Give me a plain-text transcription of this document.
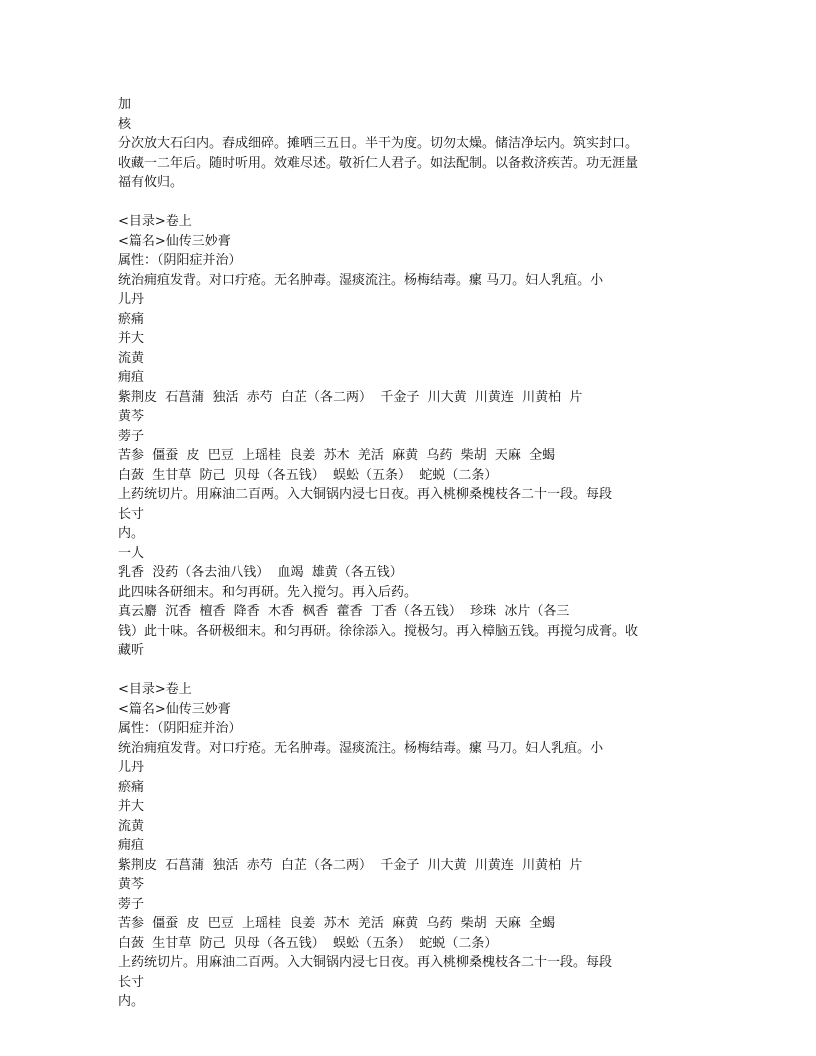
加
核
分次放大石臼内。舂成细碎。摊晒三五日。半干为度。切勿太燥。储洁净坛内。筑实封口。
收藏一二年后。随时听用。效难尽述。敬祈仁人君子。如法配制。以备救济疾苦。功无涯量
福有攸归。
<目录>卷上
<篇名>仙传三妙膏
属性：（阴阳症并治）
统治痈疽发背。对口疔疮。无名肿毒。湿痰流注。杨梅结毒。瘰 马刀。妇人乳疽。小
儿丹
瘀痛
并大
流黄
痈疽
紫荆皮  石菖蒲  独活  赤芍  白芷（各二两）  千金子  川大黄  川黄连  川黄柏  片
黄芩
蒡子
苦参  僵蚕  皮  巴豆  上瑶桂  良姜  苏木  羌活  麻黄  乌药  柴胡  天麻  全蝎
白蔹  生甘草  防己  贝母（各五钱）  蜈蚣（五条）  蛇蜕（二条）
上药统切片。用麻油二百两。入大铜锅内浸七日夜。再入桃柳桑槐枝各二十一段。每段
长寸
内。
一人
乳香  没药（各去油八钱）  血竭  雄黄（各五钱）
此四味各研细末。和匀再研。先入搅匀。再入后药。
真云麝  沉香  檀香  降香  木香  枫香  藿香  丁香（各五钱）  珍珠  冰片（各三
钱）此十味。各研极细末。和匀再研。徐徐添入。搅极匀。再入樟脑五钱。再搅匀成膏。收
藏听
<目录>卷上
<篇名>仙传三妙膏
属性：（阴阳症并治）
统治痈疽发背。对口疔疮。无名肿毒。湿痰流注。杨梅结毒。瘰 马刀。妇人乳疽。小
儿丹
瘀痛
并大
流黄
痈疽
紫荆皮  石菖蒲  独活  赤芍  白芷（各二两）  千金子  川大黄  川黄连  川黄柏  片
黄芩
蒡子
苦参  僵蚕  皮  巴豆  上瑶桂  良姜  苏木  羌活  麻黄  乌药  柴胡  天麻  全蝎
白蔹  生甘草  防己  贝母（各五钱）  蜈蚣（五条）  蛇蜕（二条）
上药统切片。用麻油二百两。入大铜锅内浸七日夜。再入桃柳桑槐枝各二十一段。每段
长寸
内。
